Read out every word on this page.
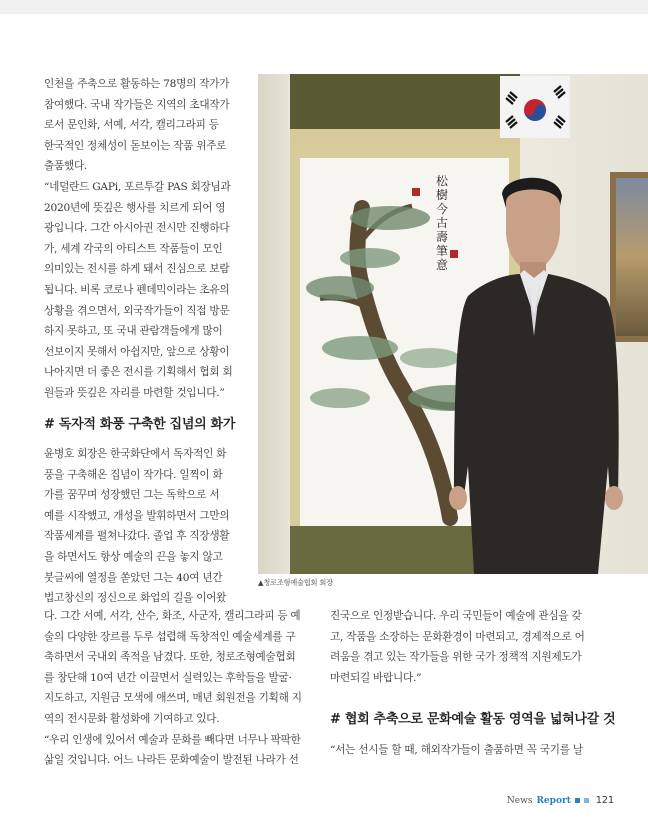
인천을 주축으로 활동하는 78명의 작가가

참여했다. 국내 작가들은 지역의 초대작가

로서 문인화, 서예, 서각, 캘리그라피 등

한국적인 정체성이 돋보이는 작품 위주로

출품했다.

“네덜란드 GAPi, 포르투갈 PAS 회장님과

2020년에 뜻깊은 행사를 치르게 되어 영

광입니다. 그간 아시아권 전시만 진행하다

가, 세계 각국의 아티스트 작품들이 모인

의미있는 전시를 하게 돼서 진심으로 보람

됩니다. 비록 코로나 펜데믹이라는 초유의

상황을 겪으면서, 외국작가들이 직접 방문

하지 못하고, 또 국내 관람객들에게 많이

선보이지 못해서 아쉽지만, 앞으로 상황이

나아지면 더 좋은 전시를 기획해서 협회 회

원들과 뜻깊은 자리를 마련할 것입니다.”

# 독자적 화풍 구축한 집념의 화가

윤병호 회장은 한국화단에서 독자적인 화

풍을 구축해온 집념이 작가다. 일찍이 화

가를 꿈꾸며 성장했던 그는 독학으로 서

예를 시작했고, 개성을 발휘하면서 그만의

작품세계를 펼쳐나갔다. 졸업 후 직장생활

을 하면서도 항상 예술의 끈을 놓지 않고

붓글씨에 열정을 쏟았던 그는 40여 년간

법고창신의 정신으로 화업의 길을 이어왔

松
樹
今
古
壽
筆
意
▲청로조형예술협회 회장

다. 그간 서예, 서각, 산수, 화조, 사군자, 캘리그라피 등 예

술의 다양한 장르를 두루 섭렵해 독창적인 예술세계를 구

축하면서 국내외 족적을 남겼다. 또한, 청로조형예술협회

를 창단해 10여 년간 이끌면서 실력있는 후학들을 발굴·

지도하고, 지원금 모색에 애쓰며, 매년 회원전을 기획해 지

역의 전시문화 활성화에 기여하고 있다.

“우리 인생에 있어서 예술과 문화를 빼다면 너무나 팍팍한

삶일 것입니다. 어느 나라든 문화예술이 발전된 나라가 선

진국으로 인정받습니다. 우리 국민들이 예술에 관심을 갖

고, 작품을 소장하는 문화환경이 마련되고, 경제적으로 어

려움을 겪고 있는 작가들을 위한 국가 정책적 지원제도가

마련되길 바랍니다.”

# 협회 추축으로 문화예술 활동 영역을 넓혀나갈 것

“서는 선시들 할 때, 해외작가들이 출품하면 꼭 국기를 날

News Report	121
